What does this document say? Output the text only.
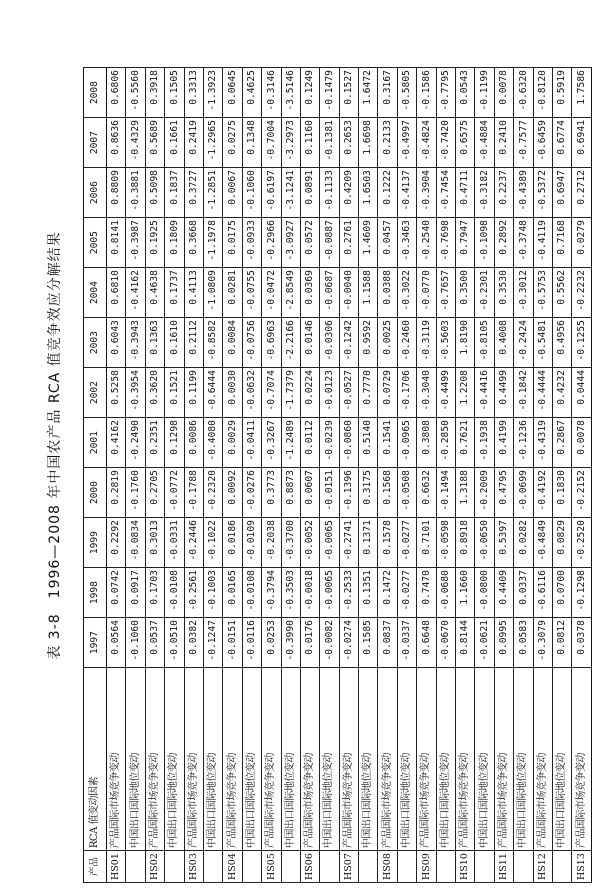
表 3-8　1996—2008 年中国农产品 RCA 值竞争效应分解结果
产品	RCA 值变动因素	1997	1998	1999	2000	2001	2002	2003	2004	2005	2006	2007	2008
HS01	产品国际市场竞争变动	0.0564	0.0742	0.2292	0.2819	0.4162	0.5258	0.6043	0.6810	0.8141	0.8809	0.8636	0.6806
	中国出口国际地位变动	-0.1060	0.0917	-0.0834	-0.1760	-0.2490	-0.3954	-0.3943	-0.4162	-0.3987	-0.3881	-0.4329	-0.5560
HS02	产品国际市场竞争变动	0.0537	0.1703	0.3013	0.2705	0.2351	0.3620	0.1363	0.4638	0.1925	0.5098	0.5689	0.3918
	中国出口国际地位变动	-0.0510	-0.0108	-0.0331	-0.0772	0.1298	0.1521	0.1610	0.1737	0.1809	0.1837	0.1661	0.1505
HS03	产品国际市场竞争变动	0.0382	-0.2561	-0.2446	-0.1788	0.0086	0.1199	0.2112	0.4113	0.3668	0.3727	0.2419	0.3313
	中国出口国际地位变动	-0.1247	-0.1003	-0.1022	-0.2320	-0.4080	-0.6444	-0.8582	-1.0809	-1.1978	-1.2851	-1.2965	-1.3923
HS04	产品国际市场竞争变动	-0.0151	0.0165	0.0186	0.0092	0.0029	0.0030	0.0084	0.0281	0.0175	0.0067	0.0275	0.0645
	中国出口国际地位变动	-0.0116	-0.0108	-0.0109	-0.0276	-0.0411	-0.0632	-0.0756	-0.0755	-0.0933	-0.1060	0.1348	0.4625
HS05	产品国际市场竞争变动	0.0253	-0.3794	-0.2038	0.3773	-0.3267	-0.7074	-0.6963	-0.0472	-0.2966	-0.6197	-0.7004	-0.3146
	中国出口国际地位变动	-0.3990	-0.3503	-0.3700	0.8873	-1.2489	-1.7379	-2.2166	-2.8549	-3.0927	-3.1241	-3.2973	-3.5146
HS06	产品国际市场竞争变动	0.0176	-0.0018	-0.0052	0.0607	0.0112	0.0224	0.0146	0.0369	0.0572	0.0891	0.1160	0.1249
	中国出口国际地位变动	-0.0082	-0.0065	-0.0065	-0.0151	-0.0239	-0.0123	-0.0306	-0.0687	-0.0887	-0.1133	-0.1381	-0.1479
HS07	产品国际市场竞争变动	-0.0274	-0.2533	-0.2741	-0.1396	-0.0860	-0.0527	-0.1242	-0.0040	0.2761	0.4209	0.2653	0.1527
	中国出口国际地位变动	0.1585	0.1351	0.1371	0.3175	0.5140	0.7770	0.9592	1.1588	1.4609	1.6503	1.6698	1.6472
HS08	产品国际市场竞争变动	0.0837	0.1472	0.1578	0.1568	0.1541	0.0729	0.0025	0.0388	0.0457	0.1222	0.2133	0.3167
	中国出口国际地位变动	-0.0337	-0.0277	-0.0277	-0.0508	-0.0965	-0.1706	-0.2460	-0.3022	-0.3463	-0.4137	-0.4997	-0.5805
HS09	产品国际市场竞争变动	0.6648	0.7470	0.7101	0.6632	0.3808	-0.3040	-0.3119	-0.0770	-0.2540	-0.3904	-0.4824	-0.1586
	中国出口国际地位变动	-0.0670	-0.0680	-0.0598	-0.1494	-0.2850	-0.4499	-0.5603	-0.7657	-0.7698	-0.7454	-0.7420	-0.7795
HS10	产品国际市场竞争变动	0.8144	1.1660	0.8918	1.3188	0.7621	1.2208	1.8190	0.3500	0.7947	0.4711	0.6575	0.0543
	中国出口国际地位变动	-0.0621	-0.0800	-0.0650	-0.2009	-0.1938	-0.4416	-0.8105	-0.2301	-0.1098	-0.3182	-0.4884	-0.1199
HS11	产品国际市场竞争变动	0.0995	0.4409	0.5397	0.4795	0.4199	0.4499	0.4008	0.3530	0.2892	0.2237	0.2410	0.0078
	中国出口国际地位变动	0.0583	0.0337	0.0282	-0.0699	-0.1236	-0.1842	-0.2424	-0.3012	-0.3748	-0.4389	-0.7577	-0.6320
HS12	产品国际市场竞争变动	-0.3079	-0.6116	-0.4849	-0.4192	-0.4319	-0.4444	-0.5481	-0.5753	-0.4119	-0.5372	-0.6459	-0.8120
	中国出口国际地位变动	0.0812	0.0700	0.0829	0.1830	0.2867	0.4232	0.4956	0.5562	0.7168	0.6947	0.6774	0.5919
HS13	产品国际市场竞争变动	0.0378	-0.1298	-0.2520	-0.2152	0.0078	0.0444	-0.1255	-0.2232	0.0279	0.2712	0.6941	1.7586
